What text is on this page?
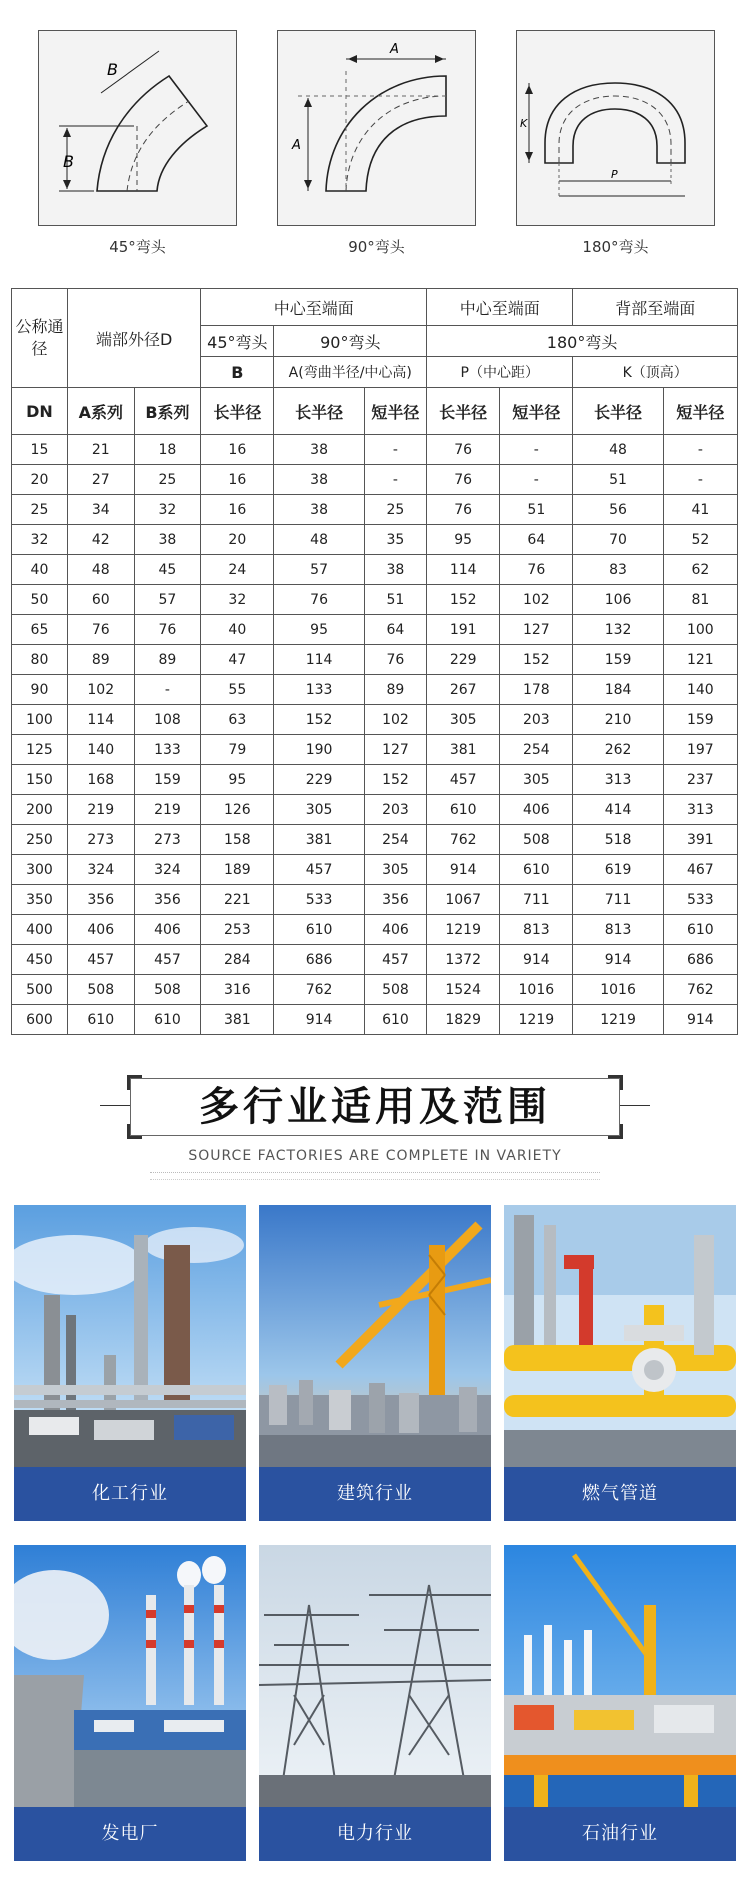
B
B
45°弯头
A
A
90°弯头
K
P
180°弯头
公称通径	端部外径D		中心至端面			中心至端面		背部至端面	
			45°弯头	90°弯头		180°弯头			
			B	A(弯曲半径/中心高)		P（中心距）		K（顶高）	
DN	A系列	B系列	长半径	长半径	短半径	长半径	短半径	长半径	短半径
15	21	18	16	38	-	76	-	48	-
20	27	25	16	38	-	76	-	51	-
25	34	32	16	38	25	76	51	56	41
32	42	38	20	48	35	95	64	70	52
40	48	45	24	57	38	114	76	83	62
50	60	57	32	76	51	152	102	106	81
65	76	76	40	95	64	191	127	132	100
80	89	89	47	114	76	229	152	159	121
90	102	-	55	133	89	267	178	184	140
100	114	108	63	152	102	305	203	210	159
125	140	133	79	190	127	381	254	262	197
150	168	159	95	229	152	457	305	313	237
200	219	219	126	305	203	610	406	414	313
250	273	273	158	381	254	762	508	518	391
300	324	324	189	457	305	914	610	619	467
350	356	356	221	533	356	1067	711	711	533
400	406	406	253	610	406	1219	813	813	610
450	457	457	284	686	457	1372	914	914	686
500	508	508	316	762	508	1524	1016	1016	762
600	610	610	381	914	610	1829	1219	1219	914
多行业适用及范围
SOURCE FACTORIES ARE COMPLETE IN VARIETY
化工行业	建筑行业	燃气管道
发电厂	电力行业	石油行业
